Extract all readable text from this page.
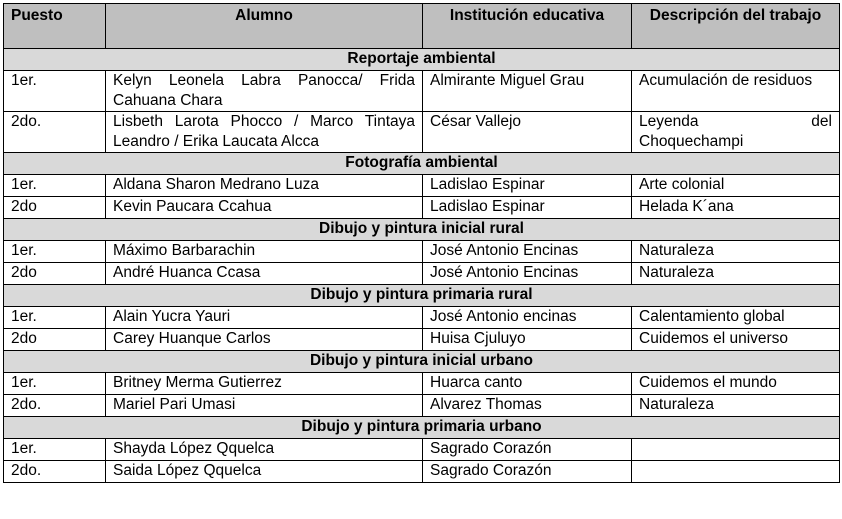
Puesto	Alumno	Institución educativa	Descripción del trabajo
Reportaje ambiental			
1er.	Kelyn Leonela Labra Panocca/ Frida Cahuana Chara	Almirante Miguel Grau	Acumulación de residuos
2do.	Lisbeth Larota Phocco / Marco Tintaya Leandro / Erika Laucata Alcca	César Vallejo	Leyenda del Choquechampi
Fotografía ambiental			
1er.	Aldana Sharon Medrano Luza	Ladislao Espinar	Arte colonial
2do	Kevin Paucara Ccahua	Ladislao Espinar	Helada K´ana
Dibujo y pintura inicial rural			
1er.	Máximo Barbarachin	José Antonio Encinas	Naturaleza
2do	André Huanca Ccasa	José Antonio Encinas	Naturaleza
Dibujo y pintura primaria rural			
1er.	Alain Yucra Yauri	José Antonio encinas	Calentamiento global
2do	Carey Huanque Carlos	Huisa Cjuluyo	Cuidemos el universo
Dibujo y pintura inicial urbano			
1er.	Britney Merma Gutierrez	Huarca canto	Cuidemos el mundo
2do.	Mariel Pari Umasi	Alvarez Thomas	Naturaleza
Dibujo y pintura primaria urbano			
1er.	Shayda López Qquelca	Sagrado Corazón	
2do.	Saida López Qquelca	Sagrado Corazón	
